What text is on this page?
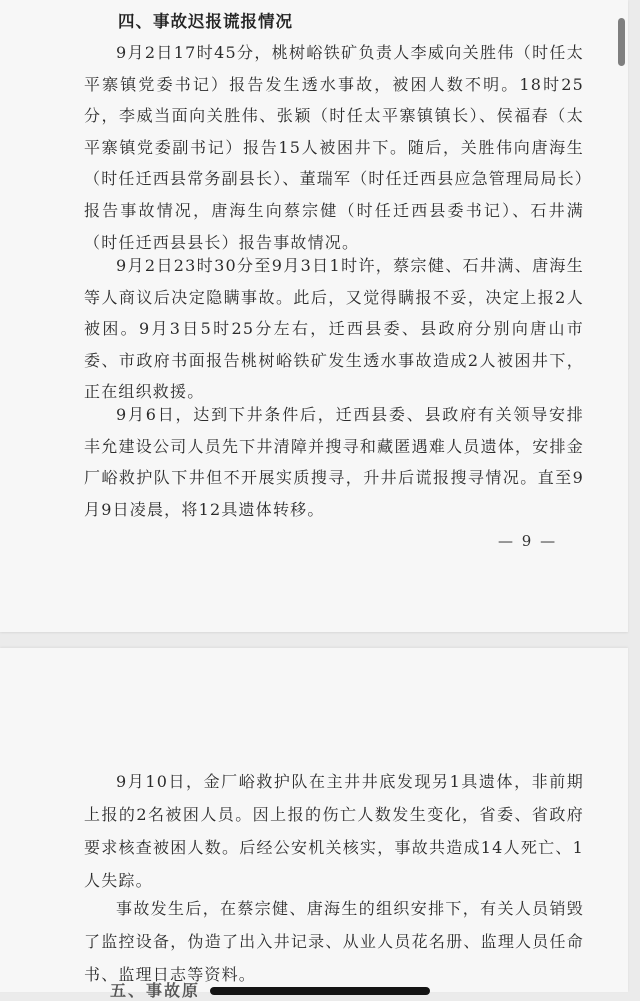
四、事故迟报谎报情况

9月2日17时45分，桃树峪铁矿负责人李威向关胜伟（时任太平寨镇党委书记）报告发生透水事故，被困人数不明。18时25分，李威当面向关胜伟、张颖（时任太平寨镇镇长）、侯福春（太平寨镇党委副书记）报告15人被困井下。随后，关胜伟向唐海生（时任迁西县常务副县长）、董瑞军（时任迁西县应急管理局局长）报告事故情况，唐海生向蔡宗健（时任迁西县委书记）、石井满（时任迁西县县长）报告事故情况。

9月2日23时30分至9月3日1时许，蔡宗健、石井满、唐海生等人商议后决定隐瞒事故。此后，又觉得瞒报不妥，决定上报2人被困。9月3日5时25分左右，迁西县委、县政府分别向唐山市委、市政府书面报告桃树峪铁矿发生透水事故造成2人被困井下，正在组织救援。

9月6日，达到下井条件后，迁西县委、县政府有关领导安排丰允建设公司人员先下井清障并搜寻和藏匿遇难人员遗体，安排金厂峪救护队下井但不开展实质搜寻，升井后谎报搜寻情况。直至9月9日凌晨，将12具遗体转移。

— 9 —

9月10日，金厂峪救护队在主井井底发现另1具遗体，非前期上报的2名被困人员。因上报的伤亡人数发生变化，省委、省政府要求核查被困人数。后经公安机关核实，事故共造成14人死亡、1人失踪。

事故发生后，在蔡宗健、唐海生的组织安排下，有关人员销毁了监控设备，伪造了出入井记录、从业人员花名册、监理人员任命书、监理日志等资料。

五、事故原
